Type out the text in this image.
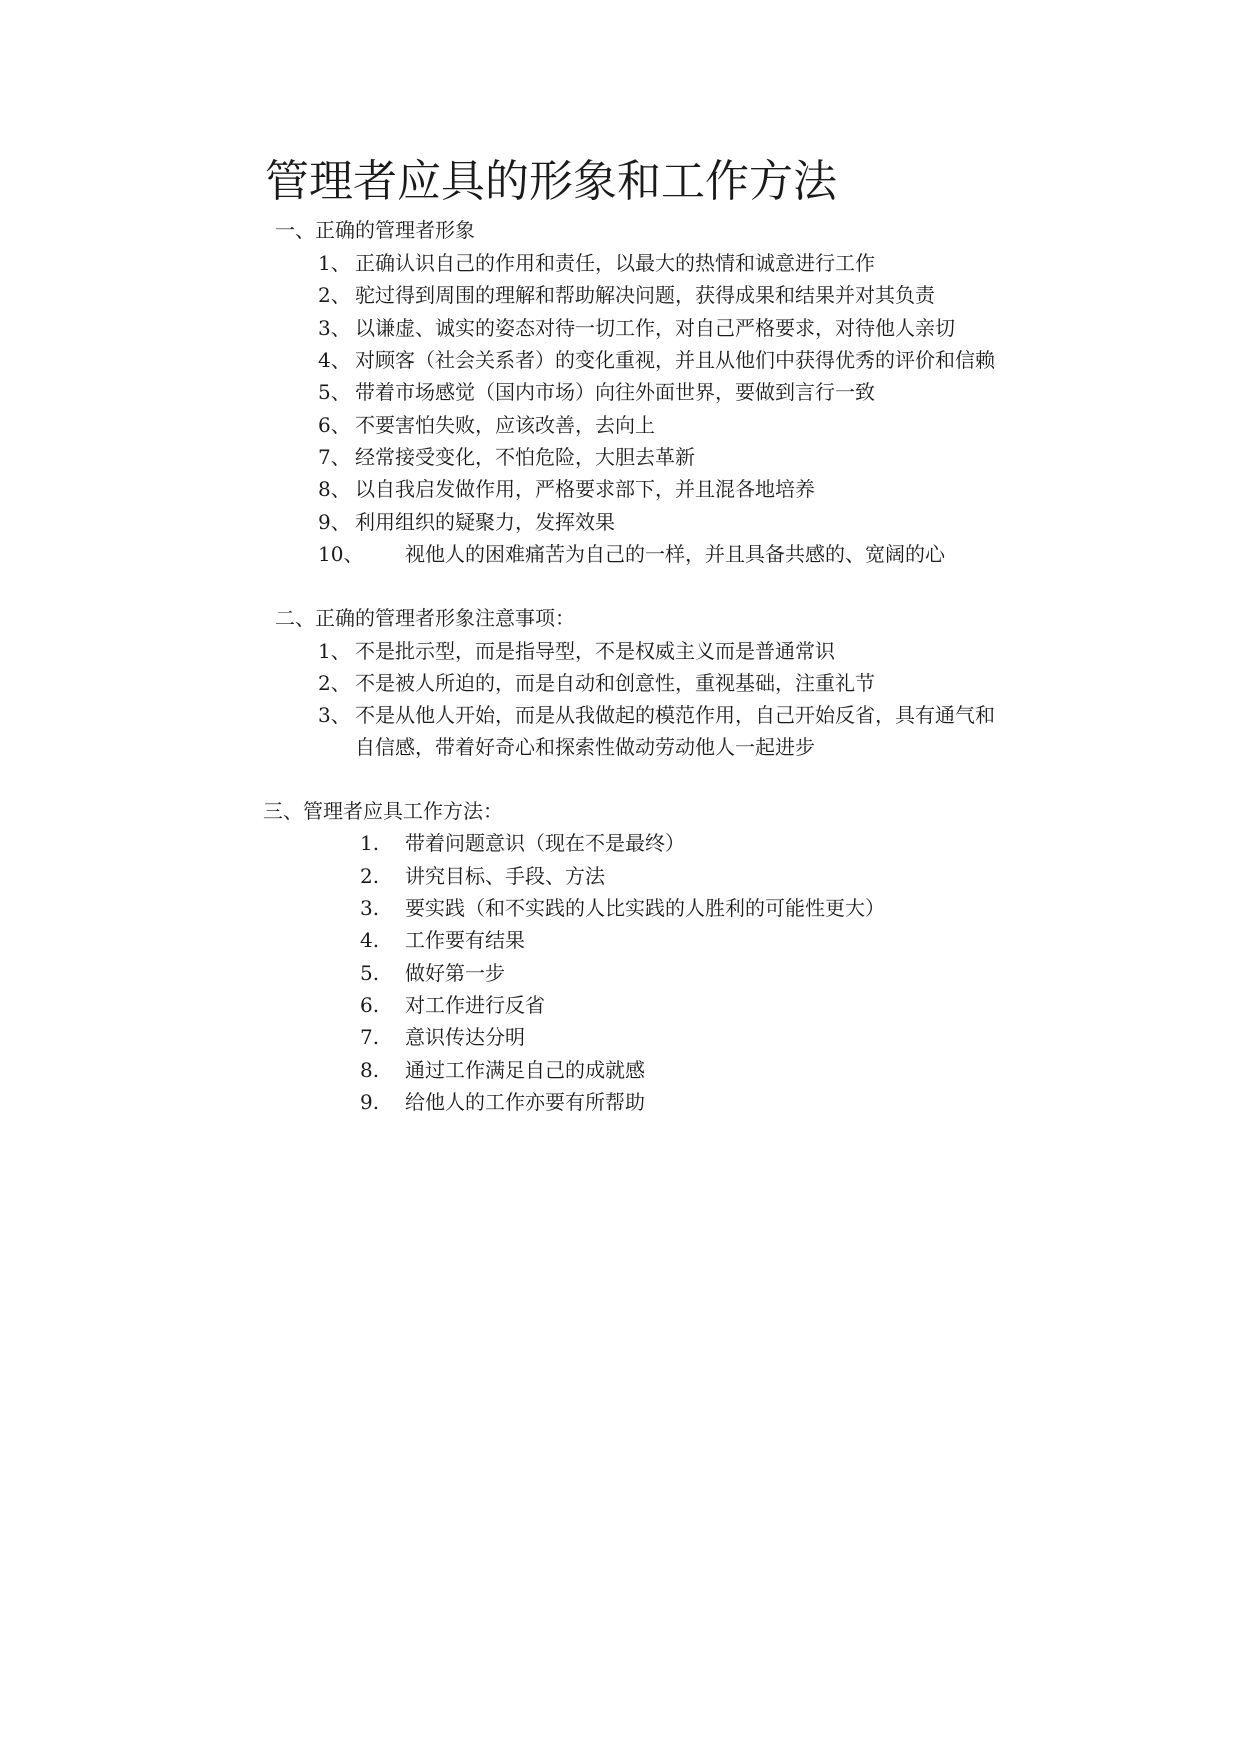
管理者应具的形象和工作方法
一、正确的管理者形象
1、 正确认识自己的作用和责任，以最大的热情和诚意进行工作
2、 驼过得到周围的理解和帮助解决问题，获得成果和结果并对其负责
3、 以谦虚、诚实的姿态对待一切工作，对自己严格要求，对待他人亲切
4、 对顾客（社会关系者）的变化重视，并且从他们中获得优秀的评价和信赖
5、 带着市场感觉（国内市场）向往外面世界，要做到言行一致
6、 不要害怕失败，应该改善，去向上
7、 经常接受变化，不怕危险，大胆去革新
8、 以自我启发做作用，严格要求部下，并且混各地培养
9、 利用组织的疑聚力，发挥效果
10、 视他人的困难痛苦为自己的一样，并且具备共感的、宽阔的心
二、正确的管理者形象注意事项：
1、 不是批示型，而是指导型，不是权威主义而是普通常识
2、 不是被人所迫的，而是自动和创意性，重视基础，注重礼节
3、 不是从他人开始，而是从我做起的模范作用，自己开始反省，具有通气和
自信感，带着好奇心和探索性做动劳动他人一起进步
三、管理者应具工作方法：
1. 带着问题意识（现在不是最终）
2. 讲究目标、手段、方法
3. 要实践（和不实践的人比实践的人胜利的可能性更大）
4. 工作要有结果
5. 做好第一步
6. 对工作进行反省
7. 意识传达分明
8. 通过工作满足自己的成就感
9. 给他人的工作亦要有所帮助
